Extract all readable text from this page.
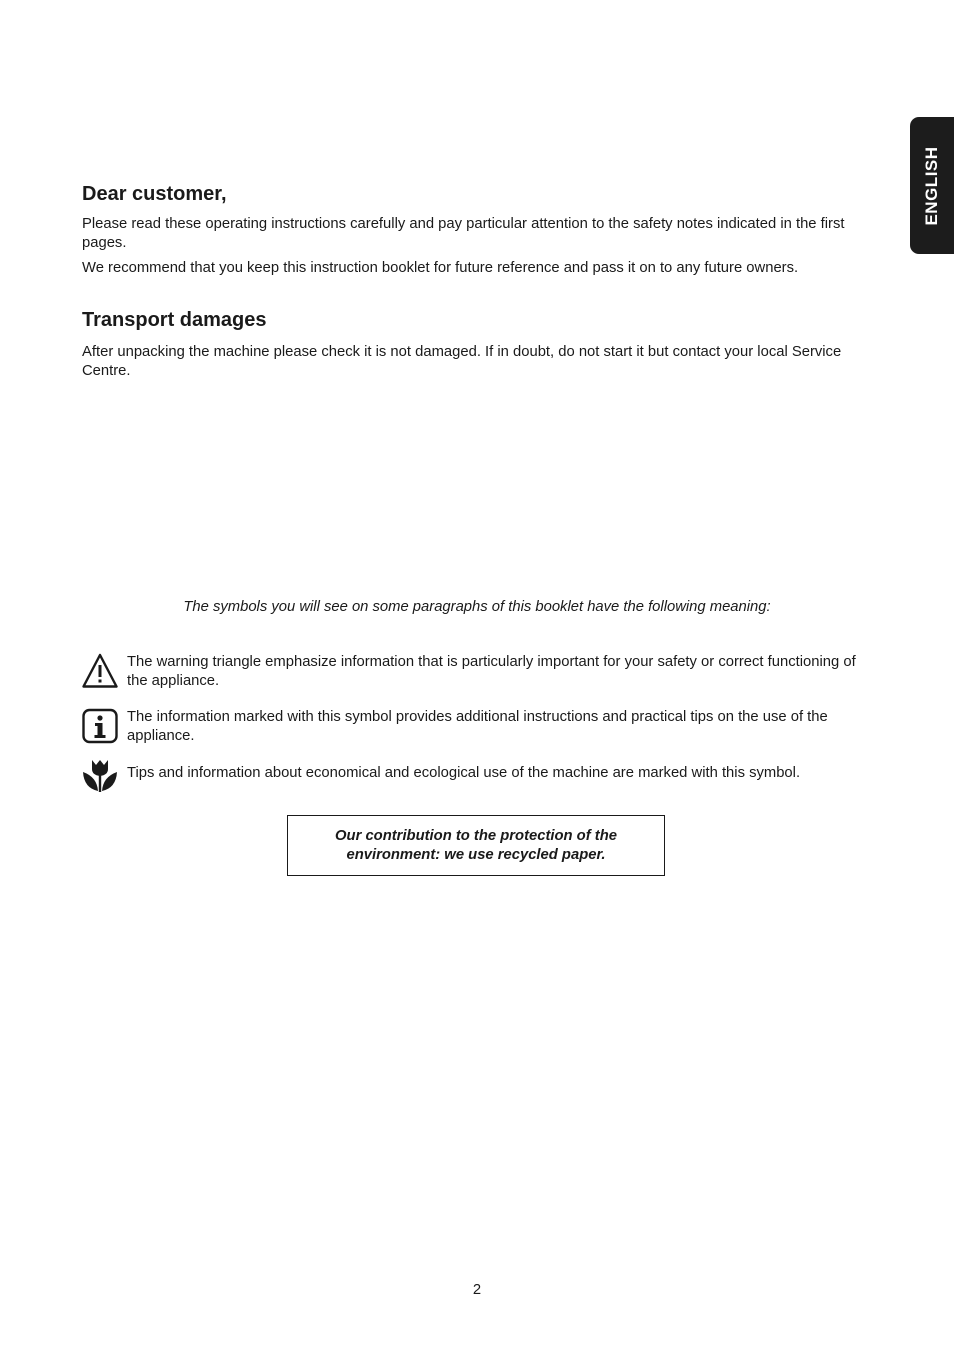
ENGLISH
Dear customer,

Please read these operating instructions carefully and pay particular attention to the safety notes indicated in the first pages.

We recommend that you keep this instruction booklet for future reference and pass it on to any future owners.

Transport damages

After unpacking the machine please check it is not damaged. If in doubt, do not start it but contact your local Service Centre.

The symbols you will see on some paragraphs of this booklet have the following meaning:

The warning triangle emphasize information that is particularly important for your safety or correct functioning of the appliance.

The information marked with this symbol provides additional instructions and practical tips on the use of the appliance.

Tips and information about economical and ecological use of the machine are marked with this symbol.

Our contribution to the protection of the environment: we use recycled paper.

2
